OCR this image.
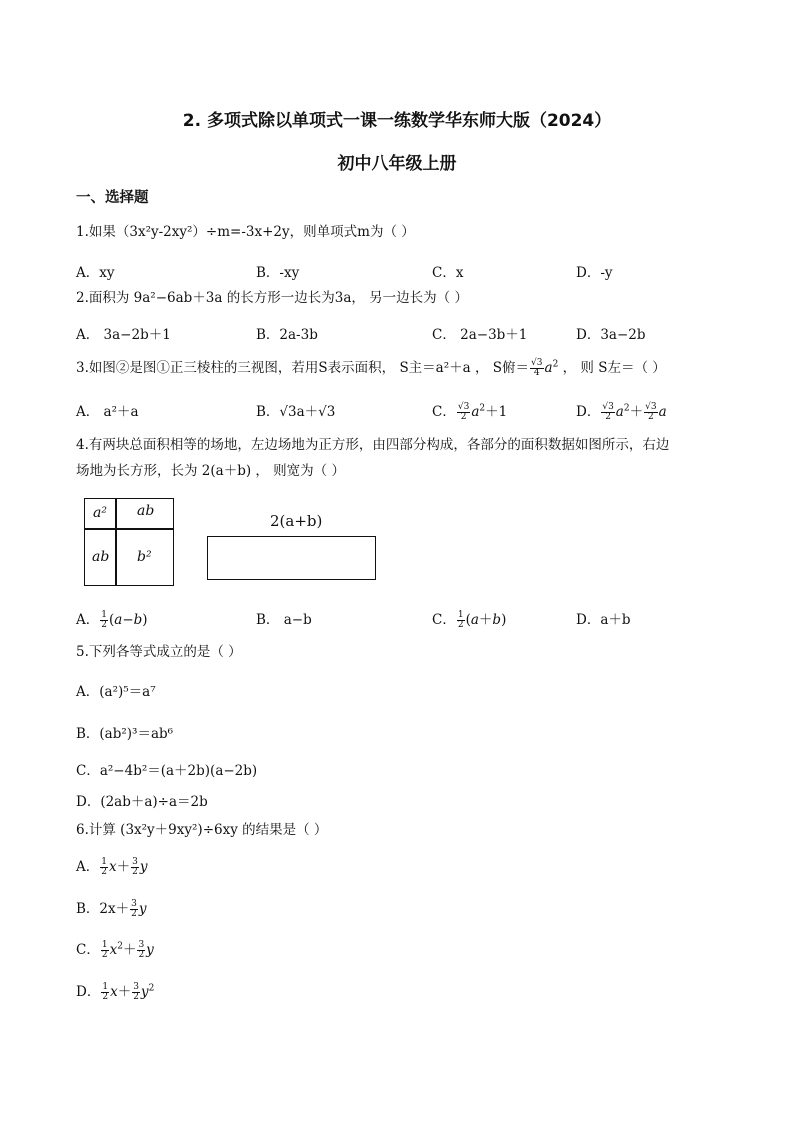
2. 多项式除以单项式一课一练数学华东师大版（2024）
初中八年级上册
一、选择题
1.如果（3x²y-2xy²）÷m=-3x+2y，则单项式m为（ ）
A．xy	B．-xy	C．x	D．-y
2.面积为 9a²−6ab＋3a 的长方形一边长为3a， 另一边长为（ ）
A． 3a−2b＋1	B．2a-3b	C． 2a−3b＋1	D．3a−2b
3.如图②是图①正三棱柱的三视图，若用S表示面积， S主＝a²＋a ， S俯＝ $\frac{√3}{4} a^2$ ， 则 S左＝（ ）
A． a²＋a	B．√3a＋√3	C． $\frac{√3}{2} a^2+1$	D． $\frac{√3}{2} a^2+ \frac{√3}{2}$ a
4.有两块总面积相等的场地，左边场地为正方形，由四部分构成，各部分的面积数据如图所示，右边
场地为长方形，长为 2(a＋b) ， 则宽为（ ）
a² ab
ab b²
2(a+b)
A． $\frac{1}{2} (a-b)$	B． a−b	C． $\frac{1}{2} (a+b)$	D．a＋b
5.下列各等式成立的是（ ）
A．(a²)⁵＝a⁷
B．(ab²)³＝ab⁶
C．a²−4b²＝(a＋2b)(a−2b)
D．(2ab＋a)÷a＝2b
6.计算 (3x²y＋9xy²)÷6xy 的结果是（ ）
A． $\frac{1}{2} x+ \frac{3}{2}$ y
B．$2x+ \frac{3}{2}$ y
C． $\frac{1}{2} x^2+ \frac{3}{2}$ y
D． $\frac{1}{2} x+ \frac{3}{2} y^2$
